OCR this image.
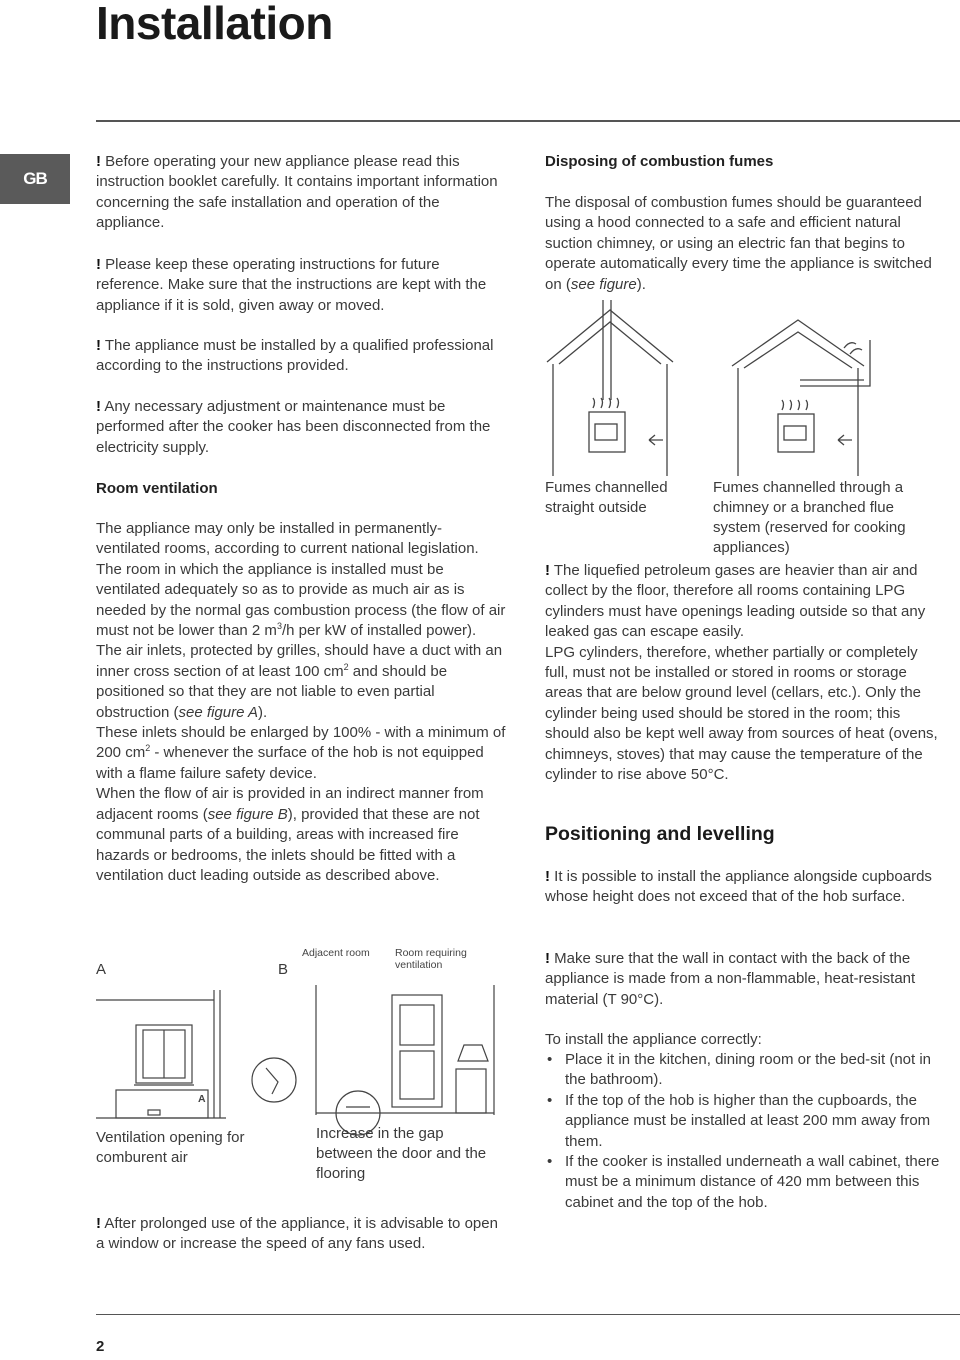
Installation
GB

! Before operating your new appliance please read this instruction booklet carefully. It contains important information concerning the safe installation and operation of the appliance.

! Please keep these operating instructions for future reference. Make sure that the instructions are kept with the appliance if it is sold, given away or moved.

! The appliance must be installed by a qualified professional according to the instructions provided.

! Any necessary adjustment or maintenance must be performed after the cooker has been disconnected from the electricity supply.

Room ventilation

The appliance may only be installed in permanently-ventilated rooms, according to current national legislation. The room in which the appliance is installed must be ventilated adequately so as to provide as much air as is needed by the normal gas combustion process (the flow of air must not be lower than 2 $m^3/h$ per kW of installed power).

The air inlets, protected by grilles, should have a duct with an inner cross section of at least 100 $cm^2$ and should be positioned so that they are not liable to even partial obstruction (see figure A).

These inlets should be enlarged by 100% - with a minimum of 200 $cm^2$ - whenever the surface of the hob is not equipped with a flame failure safety device.

When the flow of air is provided in an indirect manner from adjacent rooms (see figure B), provided that these are not communal parts of a building, areas with increased fire hazards or bedrooms, the inlets should be fitted with a ventilation duct leading outside as described above.

A	B
Adjacent room Room requiring ventilation
A
Ventilation opening for comburent air
Increase in the gap between the door and the flooring

! After prolonged use of the appliance, it is advisable to open a window or increase the speed of any fans used.

Disposing of combustion fumes

The disposal of combustion fumes should be guaranteed using a hood connected to a safe and efficient natural suction chimney, or using an electric fan that begins to operate automatically every time the appliance is switched on (see figure).

Fumes channelled straight outside
Fumes channelled through a chimney or a branched flue system (reserved for cooking appliances)

! The liquefied petroleum gases are heavier than air and collect by the floor, therefore all rooms containing LPG cylinders must have openings leading outside so that any leaked gas can escape easily.

LPG cylinders, therefore, whether partially or completely full, must not be installed or stored in rooms or storage areas that are below ground level (cellars, etc.). Only the cylinder being used should be stored in the room; this should also be kept well away from sources of heat (ovens, chimneys, stoves) that may cause the temperature of the cylinder to rise above 50°C.

Positioning and levelling

! It is possible to install the appliance alongside cupboards whose height does not exceed that of the hob surface.

! Make sure that the wall in contact with the back of the appliance is made from a non-flammable, heat-resistant material (T 90°C).

To install the appliance correctly:

• Place it in the kitchen, dining room or the bed-sit (not in the bathroom).
• If the top of the hob is higher than the cupboards, the appliance must be installed at least 200 mm away from them.
• If the cooker is installed underneath a wall cabinet, there must be a minimum distance of 420 mm between this cabinet and the top of the hob.
2
